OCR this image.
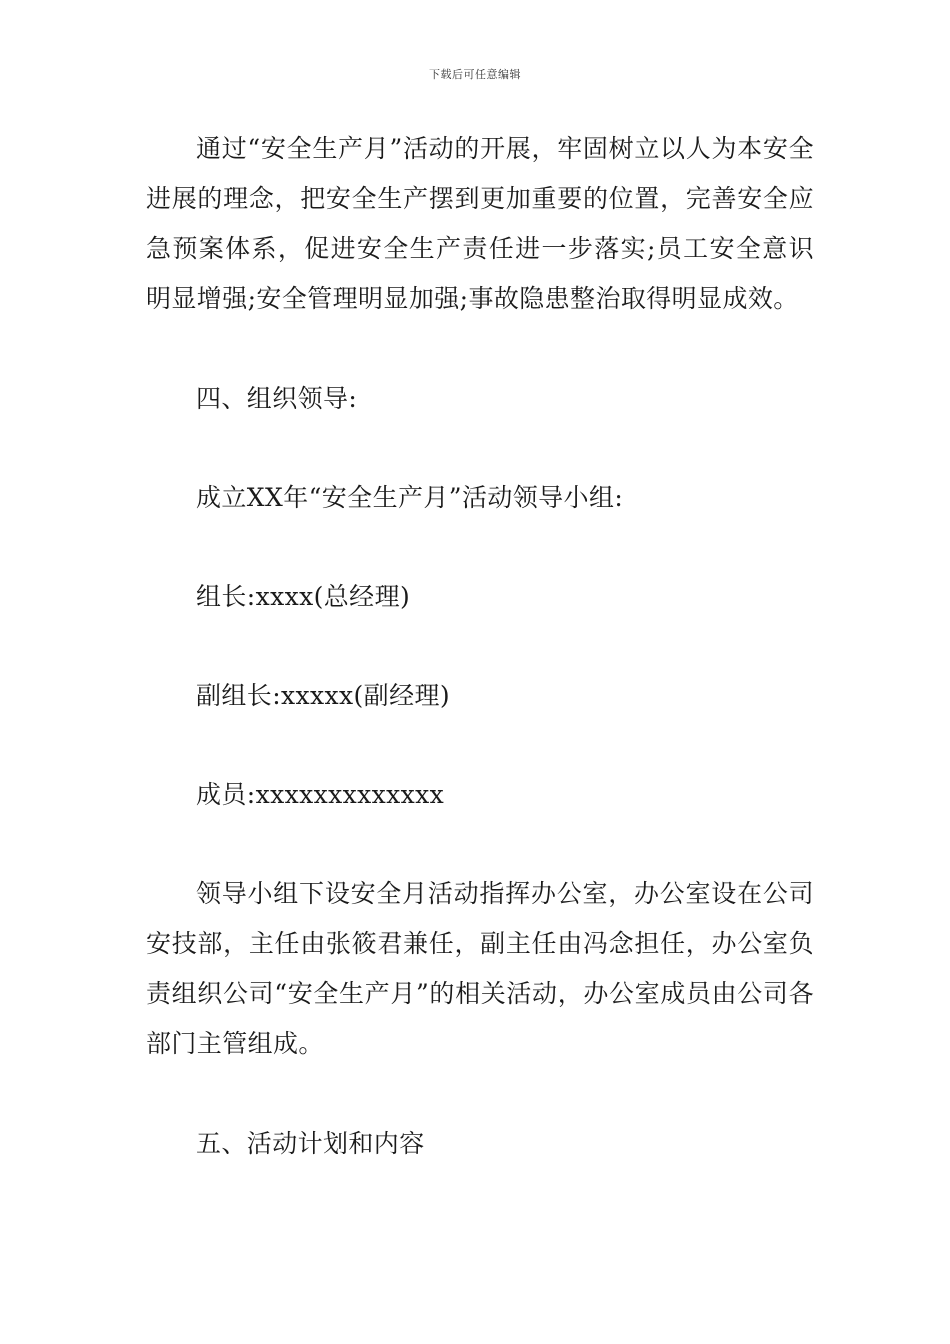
下载后可任意编辑

通过“安全生产月”活动的开展，牢固树立以人为本安全进展的理念，把安全生产摆到更加重要的位置，完善安全应急预案体系，促进安全生产责任进一步落实;员工安全意识明显增强;安全管理明显加强;事故隐患整治取得明显成效。

四、组织领导:

成立XX年“安全生产月”活动领导小组:

组长:xxxx(总经理)

副组长:xxxxx(副经理)

成员:xxxxxxxxxxxxx

领导小组下设安全月活动指挥办公室，办公室设在公司安技部，主任由张筱君兼任，副主任由冯念担任，办公室负责组织公司“安全生产月”的相关活动，办公室成员由公司各部门主管组成。

五、活动计划和内容
